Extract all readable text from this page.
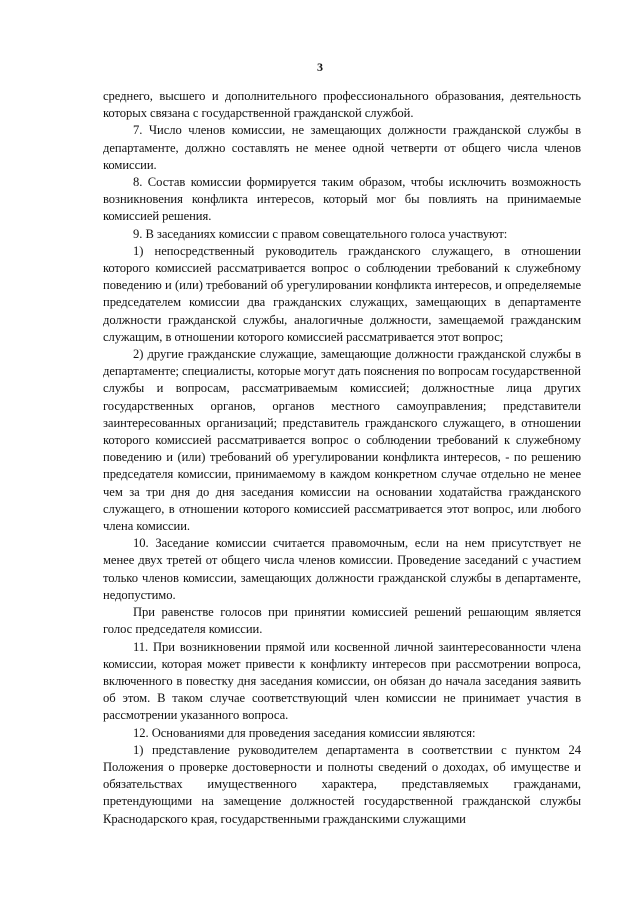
3

среднего, высшего и дополнительного профессионального образования, деятельность которых связана с государственной гражданской службой.

7. Число членов комиссии, не замещающих должности гражданской службы в департаменте, должно составлять не менее одной четверти от общего числа членов комиссии.

8. Состав комиссии формируется таким образом, чтобы исключить возможность возникновения конфликта интересов, который мог бы повлиять на принимаемые комиссией решения.

9. В заседаниях комиссии с правом совещательного голоса участвуют:

1) непосредственный руководитель гражданского служащего, в отношении которого комиссией рассматривается вопрос о соблюдении требований к служебному поведению и (или) требований об урегулировании конфликта интересов, и определяемые председателем комиссии два гражданских служащих, замещающих в департаменте должности гражданской службы, аналогичные должности, замещаемой гражданским служащим, в отношении которого комиссией рассматривается этот вопрос;

2) другие гражданские служащие, замещающие должности гражданской службы в департаменте; специалисты, которые могут дать пояснения по вопросам государственной службы и вопросам, рассматриваемым комиссией; должностные лица других государственных органов, органов местного самоуправления; представители заинтересованных организаций; представитель гражданского служащего, в отношении которого комиссией рассматривается вопрос о соблюдении требований к служебному поведению и (или) требований об урегулировании конфликта интересов, - по решению председателя комиссии, принимаемому в каждом конкретном случае отдельно не менее чем за три дня до дня заседания комиссии на основании ходатайства гражданского служащего, в отношении которого комиссией рассматривается этот вопрос, или любого члена комиссии.

10. Заседание комиссии считается правомочным, если на нем присутствует не менее двух третей от общего числа членов комиссии. Проведение заседаний с участием только членов комиссии, замещающих должности гражданской службы в департаменте, недопустимо.

При равенстве голосов при принятии комиссией решений решающим является голос председателя комиссии.

11. При возникновении прямой или косвенной личной заинтересованности члена комиссии, которая может привести к конфликту интересов при рассмотрении вопроса, включенного в повестку дня заседания комиссии, он обязан до начала заседания заявить об этом. В таком случае соответствующий член комиссии не принимает участия в рассмотрении указанного вопроса.

12. Основаниями для проведения заседания комиссии являются:

1) представление руководителем департамента в соответствии с пунктом 24 Положения о проверке достоверности и полноты сведений о доходах, об имуществе и обязательствах имущественного характера, представляемых гражданами, претендующими на замещение должностей государственной гражданской службы Краснодарского края, государственными гражданскими служащими
